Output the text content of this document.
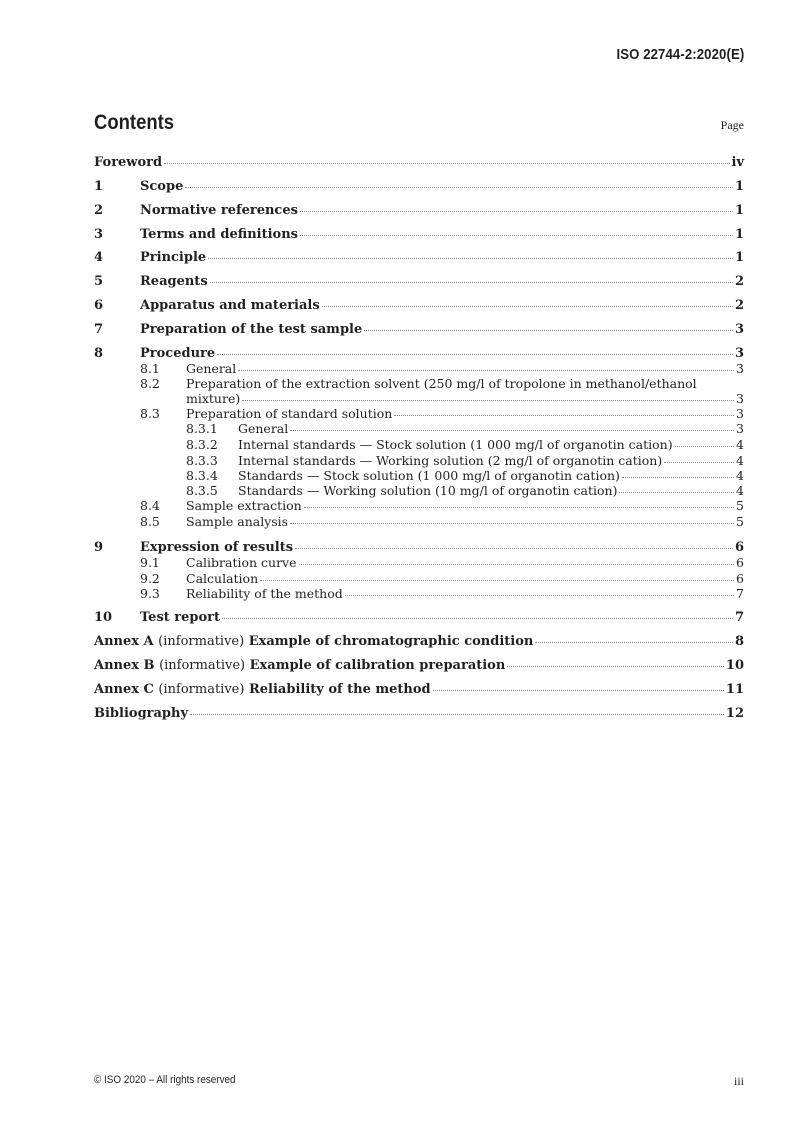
ISO 22744-2:2020(E)
Contents	Page
Foreword	iv
1	Scope	1
2	Normative references	1
3	Terms and definitions	1
4	Principle	1
5	Reagents	2
6	Apparatus and materials	2
7	Preparation of the test sample	3
8	Procedure	3
8.1	General	3
8.2 Preparation of the extraction solvent (250 mg/l of tropolone in methanol/ethanol
mixture)	3
8.3	Preparation of standard solution	3
8.3.1	General	3
8.3.2	Internal standards — Stock solution (1 000 mg/l of organotin cation)	4
8.3.3	Internal standards — Working solution (2 mg/l of organotin cation)	4
8.3.4	Standards — Stock solution (1 000 mg/l of organotin cation)	4
8.3.5	Standards — Working solution (10 mg/l of organotin cation)	4
8.4	Sample extraction	5
8.5	Sample analysis	5
9	Expression of results	6
9.1	Calibration curve	6
9.2	Calculation	6
9.3	Reliability of the method	7
10	Test report	7
Annex A (informative) Example of chromatographic condition	8
Annex B (informative) Example of calibration preparation	10
Annex C (informative) Reliability of the method	11
Bibliography	12
© ISO 2020 – All rights reserved	iii
